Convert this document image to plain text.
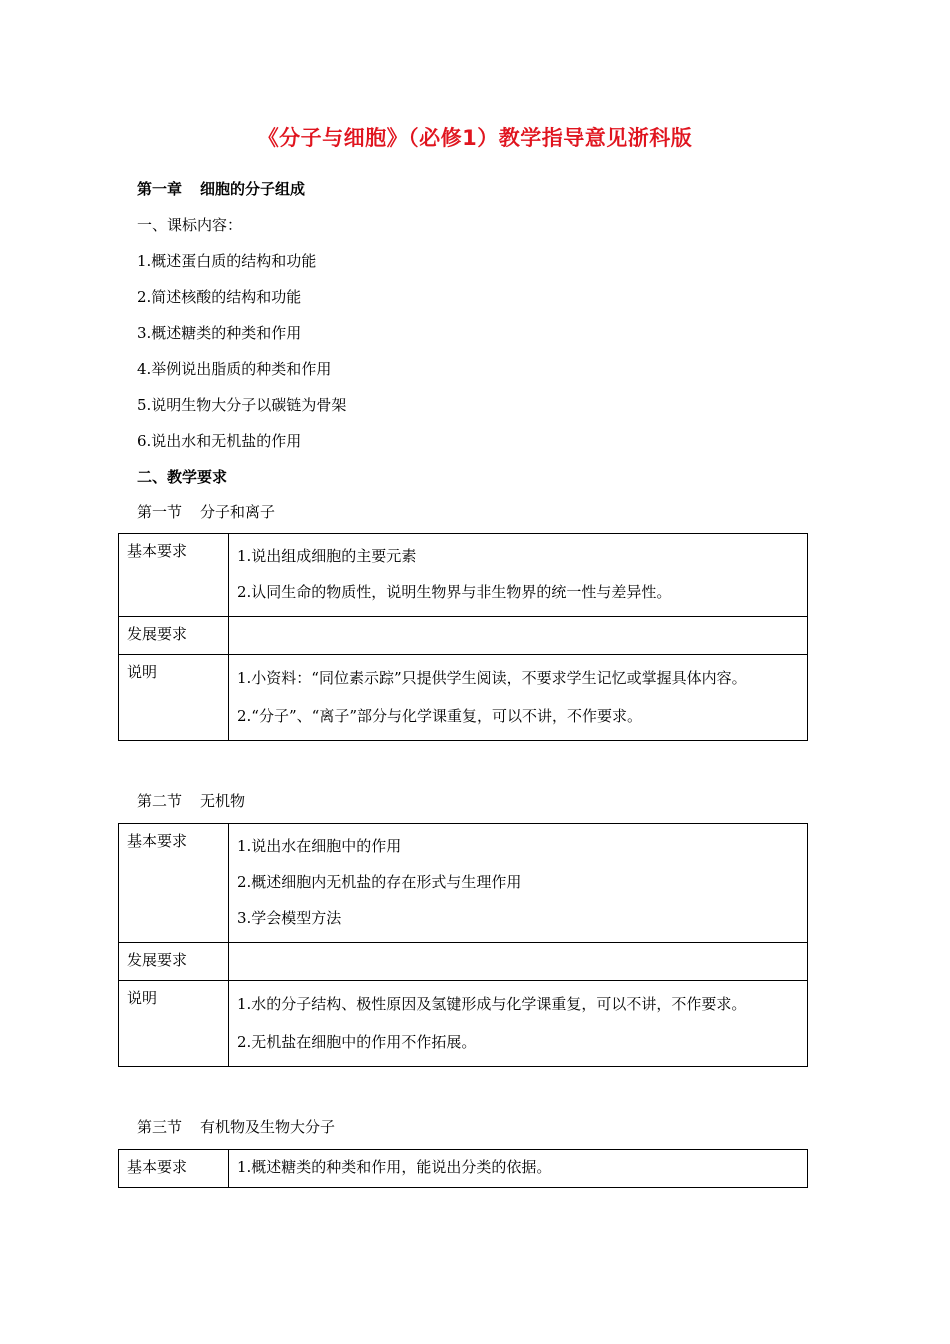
《分子与细胞》（必修1）教学指导意见浙科版
第一章 细胞的分子组成
一、课标内容：
1.概述蛋白质的结构和功能
2.简述核酸的结构和功能
3.概述糖类的种类和作用
4.举例说出脂质的种类和作用
5.说明生物大分子以碳链为骨架
6.说出水和无机盐的作用
二、教学要求
第一节 分子和离子
基本要求	1.说出组成细胞的主要元素
2.认同生命的物质性，说明生物界与非生物界的统一性与差异性。

发展要求	
说明	1.小资料：“同位素示踪”只提供学生阅读，不要求学生记忆或掌握具体内容。
2.“分子”、“离子”部分与化学课重复，可以不讲，不作要求。
第二节 无机物
基本要求	1.说出水在细胞中的作用
2.概述细胞内无机盐的存在形式与生理作用
3.学会模型方法

发展要求	
说明	1.水的分子结构、极性原因及氢键形成与化学课重复，可以不讲，不作要求。
2.无机盐在细胞中的作用不作拓展。
第三节 有机物及生物大分子
基本要求	1.概述糖类的种类和作用，能说出分类的依据。
